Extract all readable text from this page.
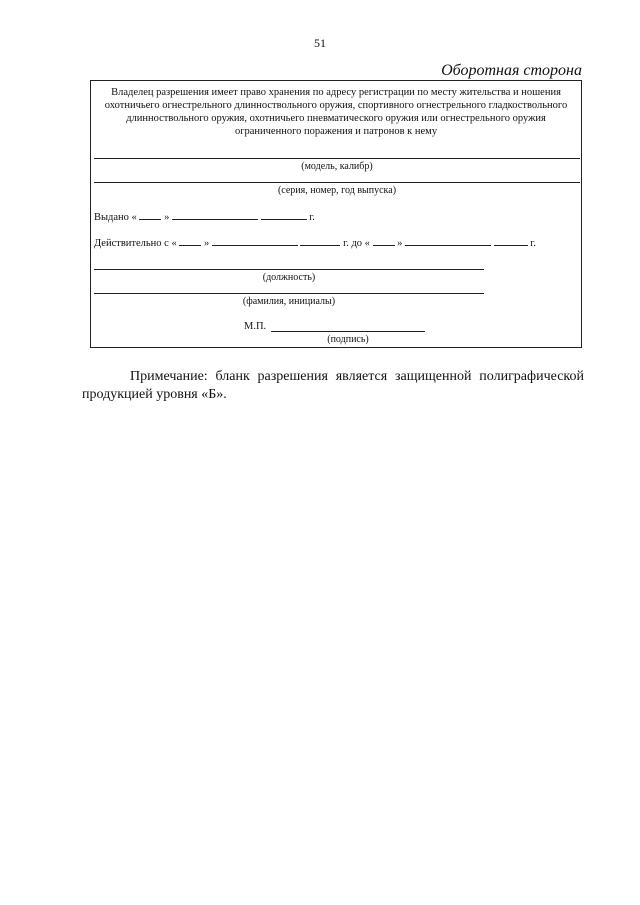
51
Оборотная сторона
Владелец разрешения имеет право хранения по адресу регистрации по месту жительства и ношения охотничьего огнестрельного длинноствольного оружия, спортивного огнестрельного гладкоствольного длинноствольного оружия, охотничьего пневматического оружия или огнестрельного оружия ограниченного поражения и патронов к нему
(модель, калибр)
(серия, номер, год выпуска)
Выдано «	»	г.
Действительно с «	»	г. до «	»	г.
(должность)
(фамилия, инициалы)
М.П.
(подпись)
Примечание: бланк разрешения является защищенной полиграфической продукцией уровня «Б».
